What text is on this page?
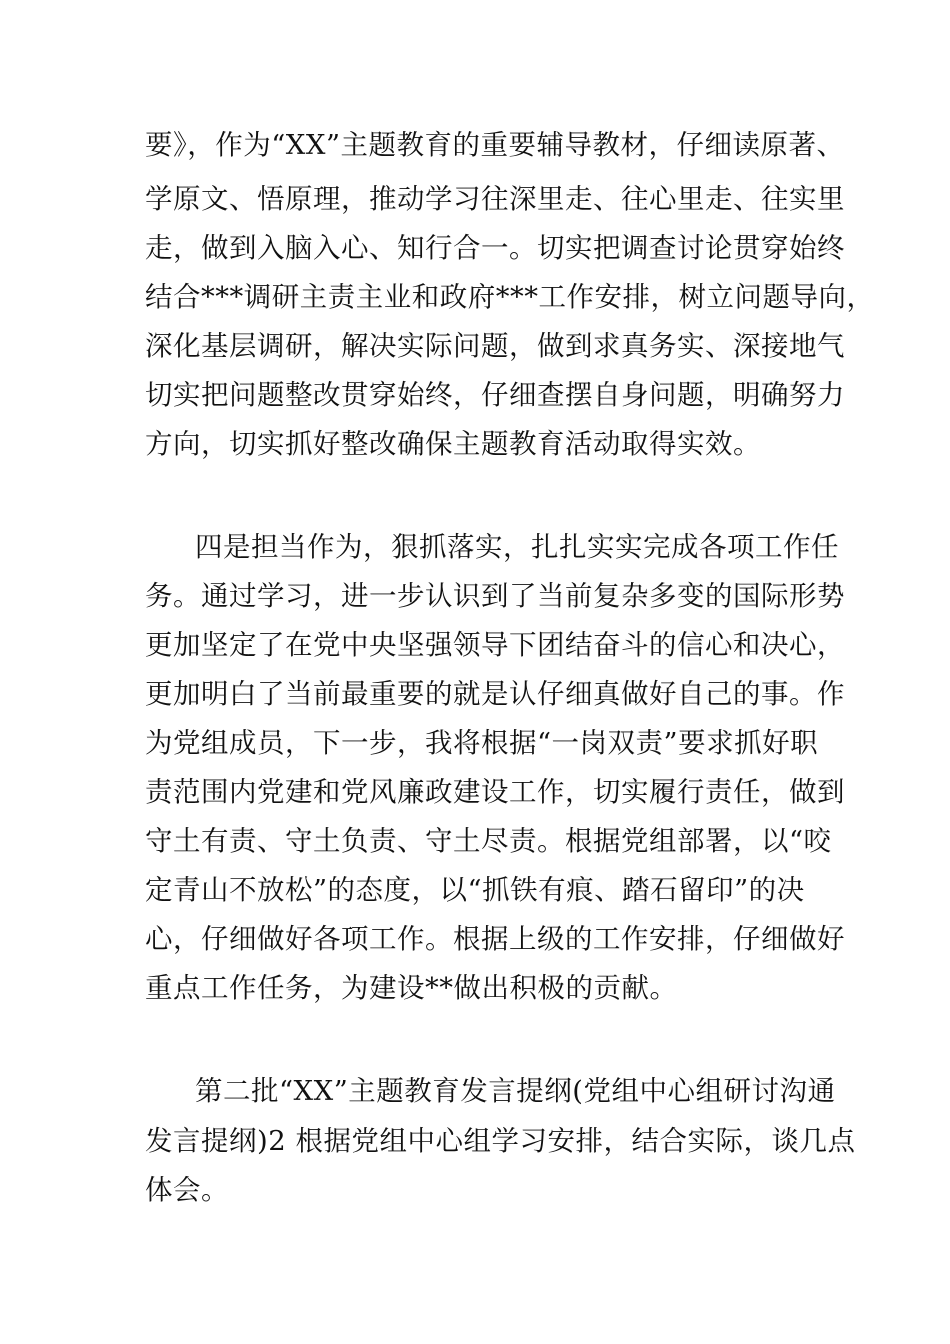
要》，作为“XX”主题教育的重要辅导教材，仔细读原著、
学原文、悟原理，推动学习往深里走、往心里走、往实里
走，做到入脑入心、知行合一。切实把调查讨论贯穿始终
结合***调研主责主业和政府***工作安排，树立问题导向，
深化基层调研，解决实际问题，做到求真务实、深接地气
切实把问题整改贯穿始终，仔细查摆自身问题，明确努力
方向，切实抓好整改确保主题教育活动取得实效。
四是担当作为，狠抓落实，扎扎实实完成各项工作任
务。通过学习，进一步认识到了当前复杂多变的国际形势
更加坚定了在党中央坚强领导下团结奋斗的信心和决心，
更加明白了当前最重要的就是认仔细真做好自己的事。作
为党组成员，下一步，我将根据“一岗双责”要求抓好职
责范围内党建和党风廉政建设工作，切实履行责任，做到
守土有责、守土负责、守土尽责。根据党组部署，以“咬
定青山不放松”的态度，以“抓铁有痕、踏石留印”的决
心，仔细做好各项工作。根据上级的工作安排，仔细做好
重点工作任务，为建设**做出积极的贡献。
第二批“XX”主题教育发言提纲(党组中心组研讨沟通
发言提纲)2 根据党组中心组学习安排，结合实际，谈几点
体会。
